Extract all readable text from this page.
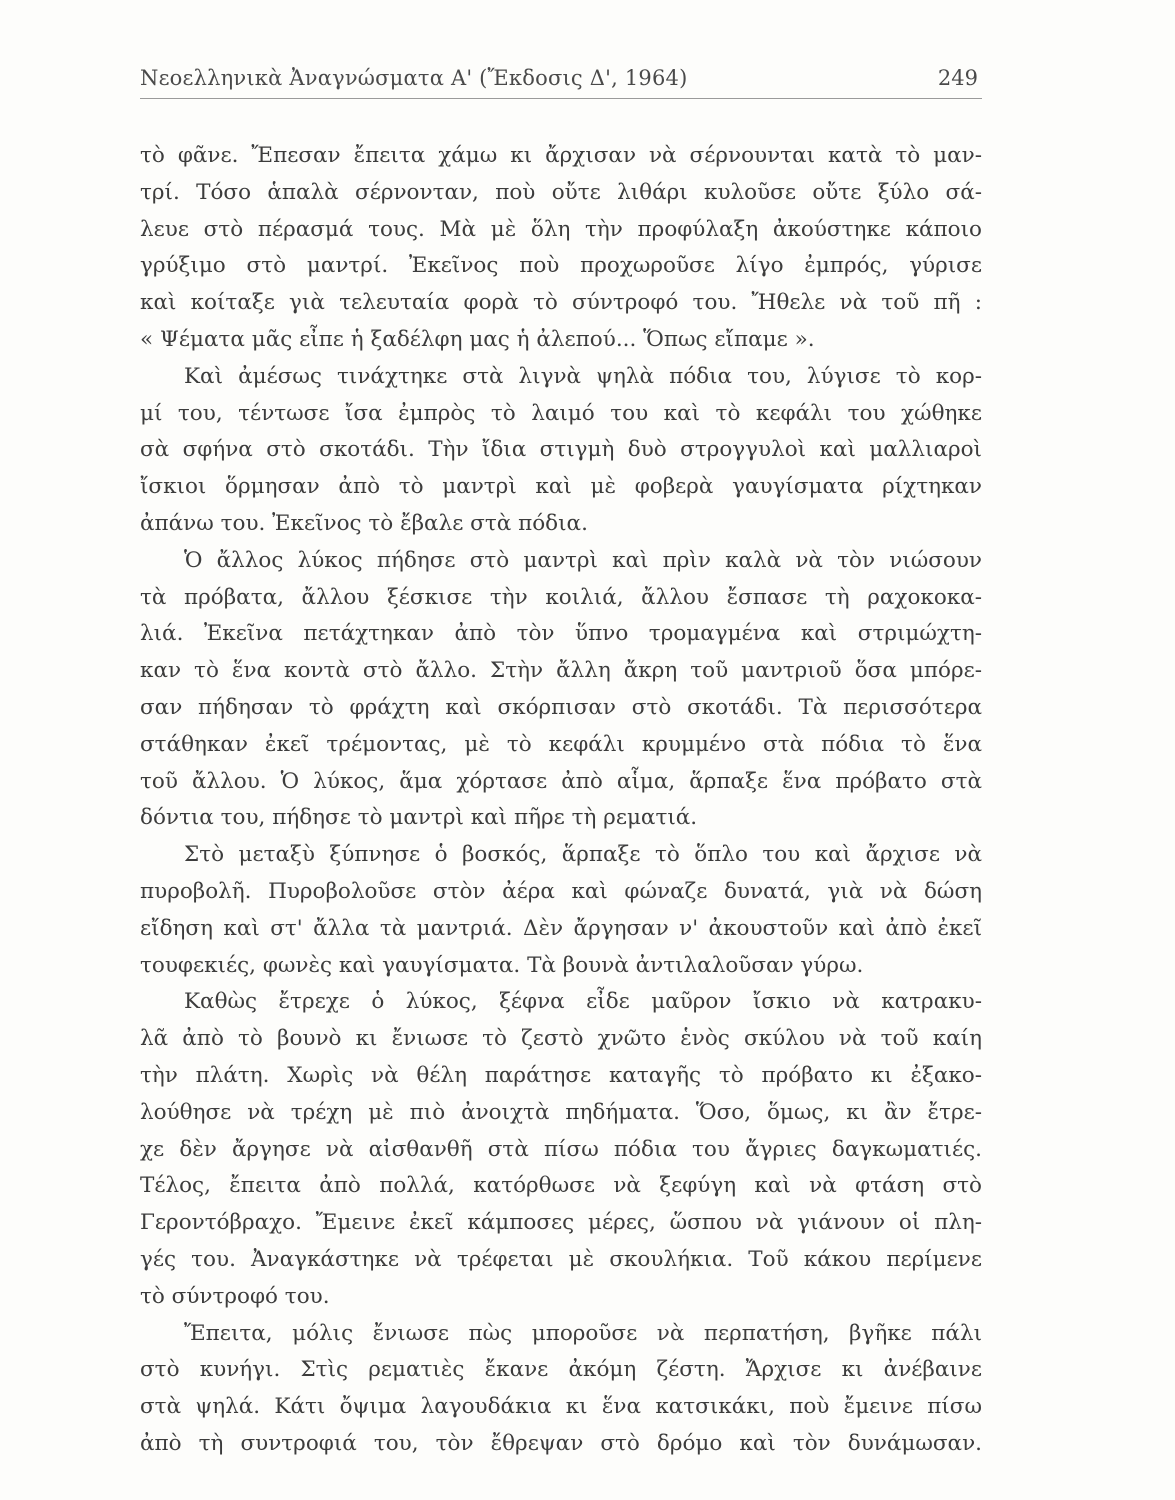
Νεοελληνικὰ Ἀναγνώσματα Α' (Ἔκδοσις Δ', 1964)	249
τὸ φᾶνε. Ἔπεσαν ἔπειτα χάμω κι ἄρχισαν νὰ σέρνουνται κατὰ τὸ μαν-
τρί. Τόσο ἁπαλὰ σέρνονταν, ποὺ οὔτε λιθάρι κυλοῦσε οὔτε ξύλο σά-
λευε στὸ πέρασμά τους. Μὰ μὲ ὅλη τὴν προφύλαξη ἀκούστηκε κάποιο
γρύξιμο στὸ μαντρί. Ἐκεῖνος ποὺ προχωροῦσε λίγο ἐμπρός, γύρισε
καὶ κοίταξε γιὰ τελευταία φορὰ τὸ σύντροφό του. Ἤθελε νὰ τοῦ πῆ :
« Ψέματα μᾶς εἶπε ἡ ξαδέλφη μας ἡ ἀλεπού... Ὅπως εἴπαμε ».
Καὶ ἀμέσως τινάχτηκε στὰ λιγνὰ ψηλὰ πόδια του, λύγισε τὸ κορ-
μί του, τέντωσε ἴσα ἐμπρὸς τὸ λαιμό του καὶ τὸ κεφάλι του χώθηκε
σὰ σφήνα στὸ σκοτάδι. Τὴν ἴδια στιγμὴ δυὸ στρογγυλοὶ καὶ μαλλιαροὶ
ἴσκιοι ὅρμησαν ἀπὸ τὸ μαντρὶ καὶ μὲ φοβερὰ γαυγίσματα ρίχτηκαν
ἀπάνω του. Ἐκεῖνος τὸ ἔβαλε στὰ πόδια.
Ὁ ἄλλος λύκος πήδησε στὸ μαντρὶ καὶ πρὶν καλὰ νὰ τὸν νιώσουν
τὰ πρόβατα, ἄλλου ξέσκισε τὴν κοιλιά, ἄλλου ἔσπασε τὴ ραχοκοκα-
λιά. Ἐκεῖνα πετάχτηκαν ἀπὸ τὸν ὕπνο τρομαγμένα καὶ στριμώχτη-
καν τὸ ἕνα κοντὰ στὸ ἄλλο. Στὴν ἄλλη ἄκρη τοῦ μαντριοῦ ὅσα μπόρε-
σαν πήδησαν τὸ φράχτη καὶ σκόρπισαν στὸ σκοτάδι. Τὰ περισσότερα
στάθηκαν ἐκεῖ τρέμοντας, μὲ τὸ κεφάλι κρυμμένο στὰ πόδια τὸ ἕνα
τοῦ ἄλλου. Ὁ λύκος, ἅμα χόρτασε ἀπὸ αἷμα, ἅρπαξε ἕνα πρόβατο στὰ
δόντια του, πήδησε τὸ μαντρὶ καὶ πῆρε τὴ ρεματιά.
Στὸ μεταξὺ ξύπνησε ὁ βοσκός, ἅρπαξε τὸ ὅπλο του καὶ ἄρχισε νὰ
πυροβολῆ. Πυροβολοῦσε στὸν ἀέρα καὶ φώναζε δυνατά, γιὰ νὰ δώση
εἴδηση καὶ στ' ἄλλα τὰ μαντριά. Δὲν ἄργησαν ν' ἀκουστοῦν καὶ ἀπὸ ἐκεῖ
τουφεκιές, φωνὲς καὶ γαυγίσματα. Τὰ βουνὰ ἀντιλαλοῦσαν γύρω.
Καθὼς ἔτρεχε ὁ λύκος, ξέφνα εἶδε μαῦρον ἴσκιο νὰ κατρακυ-
λᾶ ἀπὸ τὸ βουνὸ κι ἔνιωσε τὸ ζεστὸ χνῶτο ἑνὸς σκύλου νὰ τοῦ καίη
τὴν πλάτη. Χωρὶς νὰ θέλη παράτησε καταγῆς τὸ πρόβατο κι ἐξακο-
λούθησε νὰ τρέχη μὲ πιὸ ἀνοιχτὰ πηδήματα. Ὅσο, ὅμως, κι ἂν ἔτρε-
χε δὲν ἄργησε νὰ αἰσθανθῆ στὰ πίσω πόδια του ἄγριες δαγκωματιές.
Τέλος, ἔπειτα ἀπὸ πολλά, κατόρθωσε νὰ ξεφύγη καὶ νὰ φτάση στὸ
Γεροντόβραχο. Ἔμεινε ἐκεῖ κάμποσες μέρες, ὥσπου νὰ γιάνουν οἱ πλη-
γές του. Ἀναγκάστηκε νὰ τρέφεται μὲ σκουλήκια. Τοῦ κάκου περίμενε
τὸ σύντροφό του.
Ἔπειτα, μόλις ἔνιωσε πὼς μποροῦσε νὰ περπατήση, βγῆκε πάλι
στὸ κυνήγι. Στὶς ρεματιὲς ἔκανε ἀκόμη ζέστη. Ἄρχισε κι ἀνέβαινε
στὰ ψηλά. Κάτι ὄψιμα λαγουδάκια κι ἕνα κατσικάκι, ποὺ ἔμεινε πίσω
ἀπὸ τὴ συντροφιά του, τὸν ἔθρεψαν στὸ δρόμο καὶ τὸν δυνάμωσαν.
